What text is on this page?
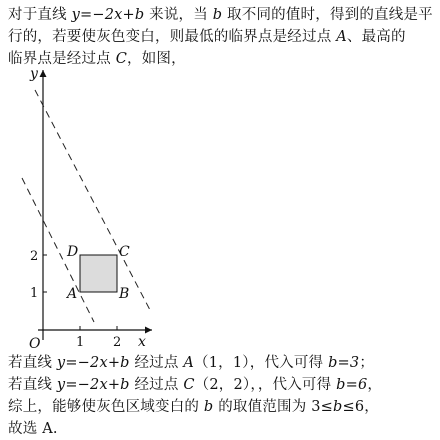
对于直线 y=−2x+b 来说，当 b 取不同的值时，得到的直线是平

行的，若要使灰色变白，则最低的临界点是经过点 A、最高的

临界点是经过点 C，如图，

y
x
O	1 2
1
2
A	B
C
D

若直线 y=−2x+b 经过点 A（1，1），代入可得 b=3；

若直线 y=−2x+b 经过点 C（2，2），，代入可得 b=6，

综上，能够使灰色区域变白的 b 的取值范围为 3≤b≤6，

故选 A.
